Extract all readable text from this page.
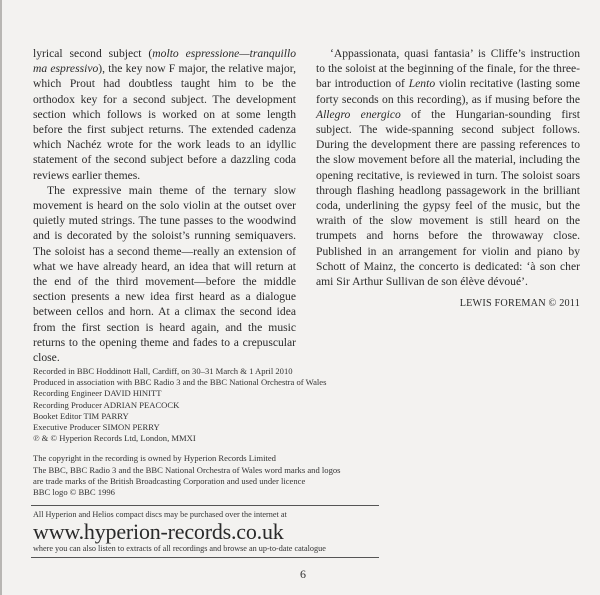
lyrical second subject (molto espressione—tranquillo ma espressivo), the key now F major, the relative major, which Prout had doubtless taught him to be the orthodox key for a second subject. The development section which follows is worked on at some length before the first subject returns. The extended cadenza which Nachéz wrote for the work leads to an idyllic statement of the second subject before a dazzling coda reviews earlier themes.

The expressive main theme of the ternary slow movement is heard on the solo violin at the outset over quietly muted strings. The tune passes to the woodwind and is decorated by the soloist’s running semiquavers. The soloist has a second theme—really an extension of what we have already heard, an idea that will return at the end of the third movement—before the middle section presents a new idea first heard as a dialogue between cellos and horn. At a climax the second idea from the first section is heard again, and the music returns to the opening theme and fades to a crepuscular close.

‘Appassionata, quasi fantasia’ is Cliffe’s instruction to the soloist at the beginning of the finale, for the three-bar introduction of Lento violin recitative (lasting some forty seconds on this recording), as if musing before the Allegro energico of the Hungarian-sounding first subject. The wide-spanning second subject follows. During the development there are passing references to the slow movement before all the material, including the opening recitative, is reviewed in turn. The soloist soars through flashing headlong passagework in the brilliant coda, underlining the gypsy feel of the music, but the wraith of the slow movement is still heard on the trumpets and horns before the throwaway close. Published in an arrangement for violin and piano by Schott of Mainz, the concerto is dedicated: ‘à son cher ami Sir Arthur Sullivan de son élève dévoué’.

LEWIS FOREMAN © 2011
Recorded in BBC Hoddinott Hall, Cardiff, on 30–31 March & 1 April 2010
Produced in association with BBC Radio 3 and the BBC National Orchestra of Wales
Recording Engineer DAVID HINITT
Recording Producer ADRIAN PEACOCK
Booket Editor TIM PARRY
Executive Producer SIMON PERRY
℗ & © Hyperion Records Ltd, London, MMXI
The copyright in the recording is owned by Hyperion Records Limited
The BBC, BBC Radio 3 and the BBC National Orchestra of Wales word marks and logos
are trade marks of the British Broadcasting Corporation and used under licence
BBC logo © BBC 1996
All Hyperion and Helios compact discs may be purchased over the internet at
www.hyperion-records.co.uk
where you can also listen to extracts of all recordings and browse an up-to-date catalogue
6
